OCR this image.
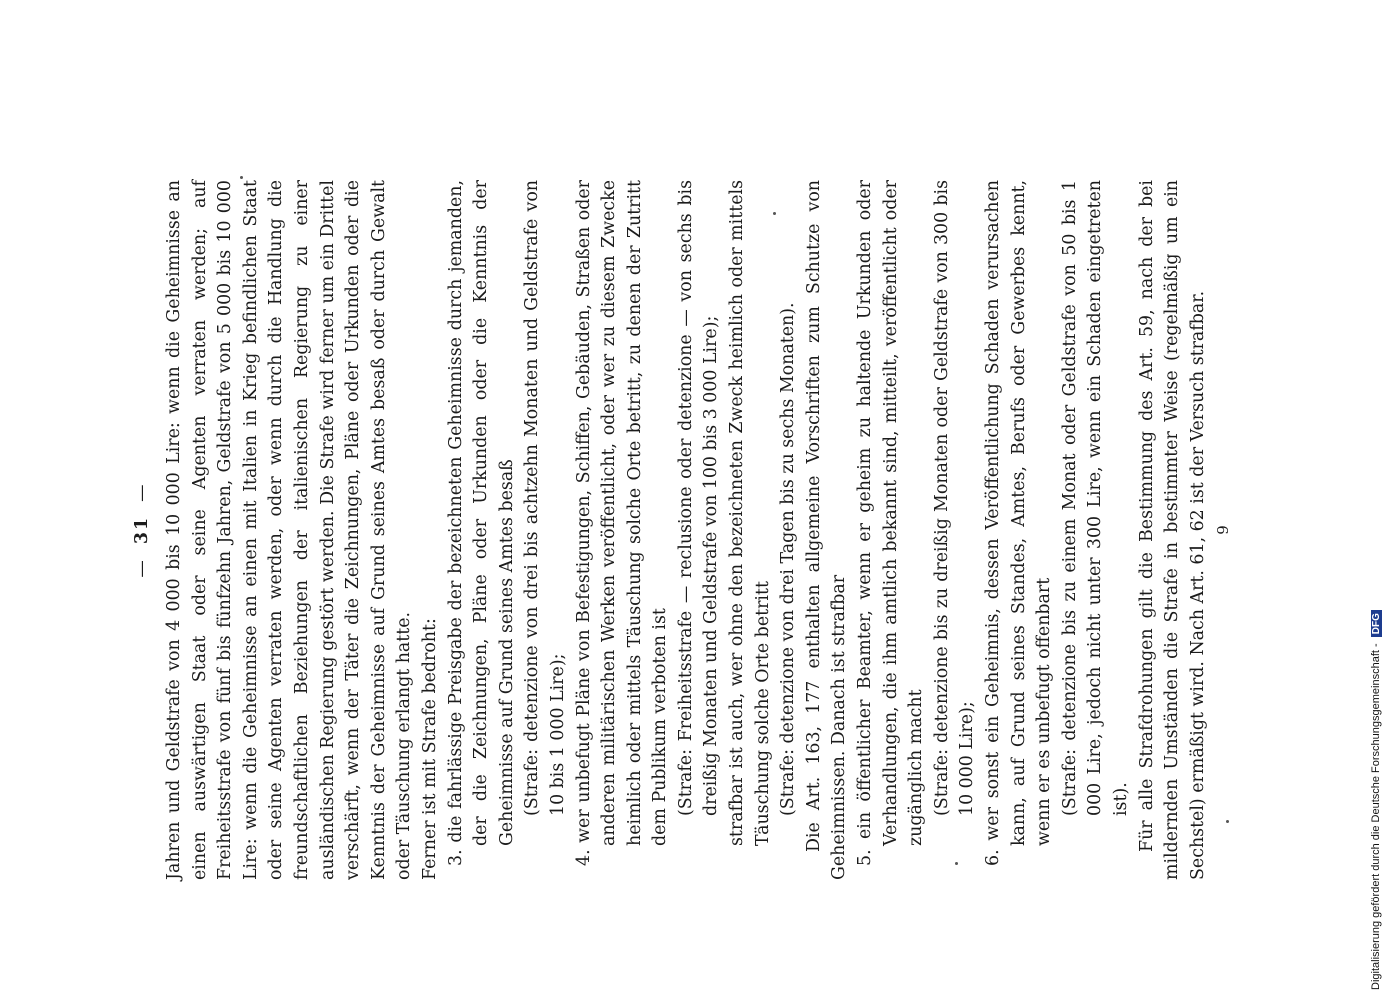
— 31 — Jahren und Geldstrafe von 4 000 bis 10 000 Lire: wenn die Geheimnisse an einen auswärtigen Staat oder seine Agenten verraten werden; auf Freiheitsstrafe von fünf bis fünfzehn Jahren, Geldstrafe von 5 000 bis 10 000 Lire: wenn die Geheimnisse an einen mit Italien in Krieg befindlichen Staat oder seine Agenten verraten werden, oder wenn durch die Handlung die freundschaftlichen Beziehungen der italienischen Regierung zu einer ausländischen Regierung gestört werden. Die Strafe wird ferner um ein Drittel verschärft, wenn der Täter die Zeichnungen, Pläne oder Urkunden oder die Kenntnis der Geheimnisse auf Grund seines Amtes besaß oder durch Gewalt oder Täuschung erlangt hatte. Ferner ist mit Strafe bedroht: 3. die fahrlässige Preisgabe der bezeichneten Geheimnisse durch jemanden, der die Zeichnungen, Pläne oder Urkunden oder die Kenntnis der Geheimnisse auf Grund seines Amtes besaß (Strafe: detenzione von drei bis achtzehn Monaten und Geldstrafe von 10 bis 1 000 Lire); 4. wer unbefugt Pläne von Befestigungen, Schiffen, Gebäuden, Straßen oder anderen militärischen Werken veröffentlicht, oder wer zu diesem Zwecke heimlich oder mittels Täuschung solche Orte betritt, zu denen der Zutritt dem Publikum verboten ist (Strafe: Freiheitsstrafe — reclusione oder detenzione — von sechs bis dreißig Monaten und Geldstrafe von 100 bis 3 000 Lire); strafbar ist auch, wer ohne den bezeichneten Zweck heimlich oder mittels Täuschung solche Orte betritt (Strafe: detenzione von drei Tagen bis zu sechs Monaten). Die Art. 163, 177 enthalten allgemeine Vorschriften zum Schutze von Geheimnissen. Danach ist strafbar 5. ein öffentlicher Beamter, wenn er geheim zu haltende Urkunden oder Verhandlungen, die ihm amtlich bekannt sind, mitteilt, veröffentlicht oder zugänglich macht (Strafe: detenzione bis zu dreißig Monaten oder Geldstrafe von 300 bis 10 000 Lire); 6. wer sonst ein Geheimnis, dessen Veröffentlichung Schaden verursachen kann, auf Grund seines Standes, Amtes, Berufs oder Gewerbes kennt, wenn er es unbefugt offenbart (Strafe: detenzione bis zu einem Monat oder Geldstrafe von 50 bis 1 000 Lire, jedoch nicht unter 300 Lire, wenn ein Schaden eingetreten ist). Für alle Strafdrohungen gilt die Bestimmung des Art. 59, nach der bei mildernden Umständen die Strafe in bestimmter Weise (regelmäßig um ein Sechstel) ermäßigt wird. Nach Art. 61, 62 ist der Versuch strafbar. 9
Digitalisierung gefördert durch die Deutsche Forschungsgemeinschaft - DFG
